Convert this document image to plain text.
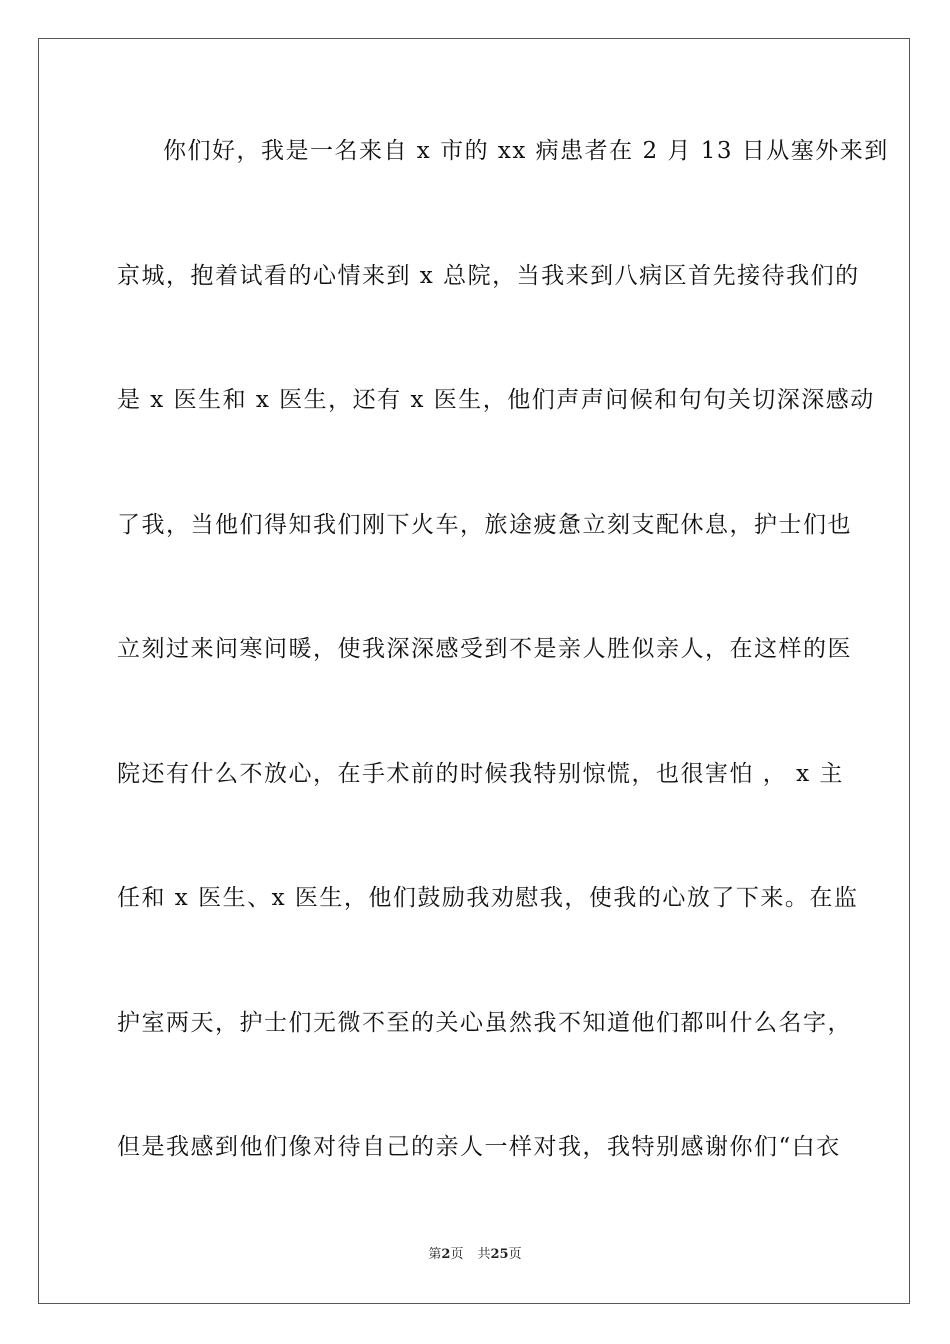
你们好，我是一名来自 x 市的 xx 病患者在 2 月 13 日从塞外来到
京城，抱着试看的心情来到 x 总院，当我来到八病区首先接待我们的
是 x 医生和 x 医生，还有 x 医生，他们声声问候和句句关切深深感动
了我，当他们得知我们刚下火车，旅途疲惫立刻支配休息，护士们也
立刻过来问寒问暖，使我深深感受到不是亲人胜似亲人，在这样的医
院还有什么不放心，在手术前的时候我特别惊慌，也很害怕 ， x 主
任和 x 医生、x 医生，他们鼓励我劝慰我，使我的心放了下来。在监
护室两天，护士们无微不至的关心虽然我不知道他们都叫什么名字，
但是我感到他们像对待自己的亲人一样对我，我特别感谢你们“白衣
第2页 共25页
